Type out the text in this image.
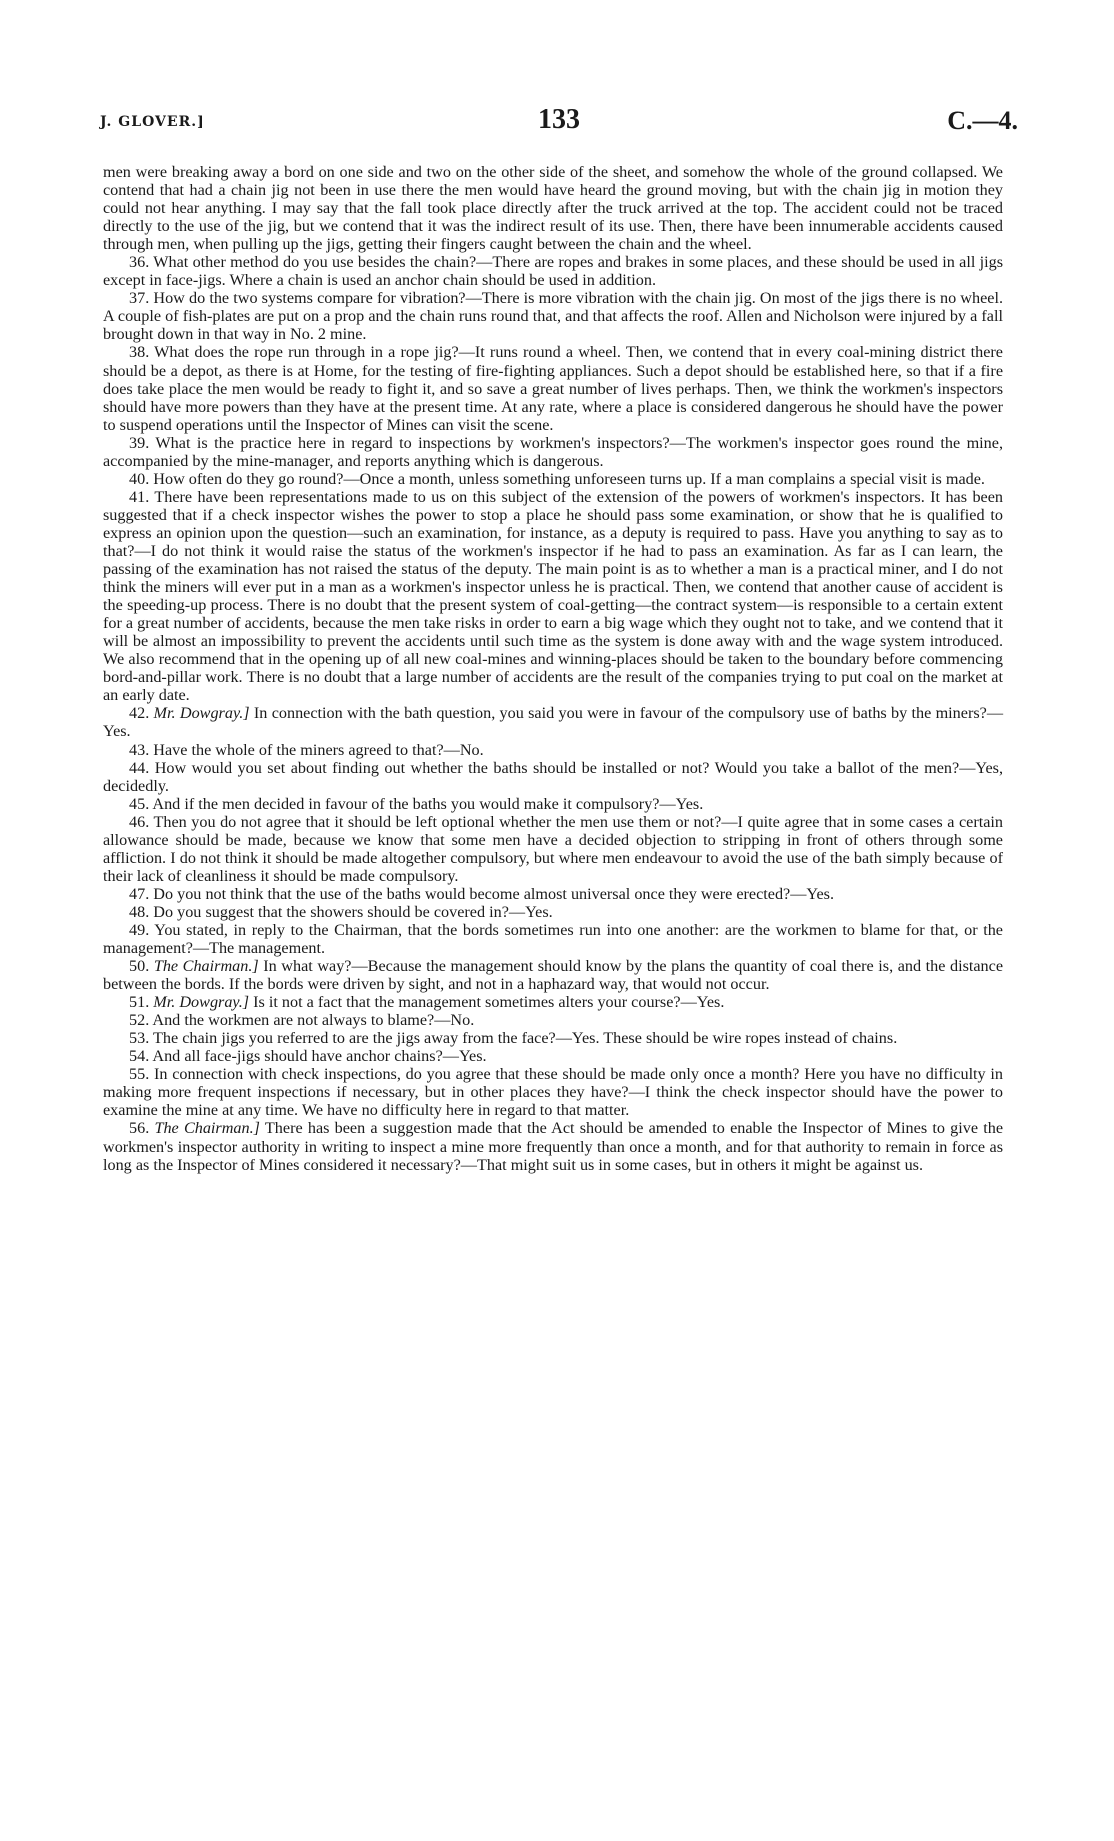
J. GLOVER.]	133	C.—4.

men were breaking away a bord on one side and two on the other side of the sheet, and somehow the whole of the ground collapsed. We contend that had a chain jig not been in use there the men would have heard the ground moving, but with the chain jig in motion they could not hear anything. I may say that the fall took place directly after the truck arrived at the top. The accident could not be traced directly to the use of the jig, but we contend that it was the indirect result of its use. Then, there have been innumerable accidents caused through men, when pulling up the jigs, getting their fingers caught between the chain and the wheel.

36. What other method do you use besides the chain?—There are ropes and brakes in some places, and these should be used in all jigs except in face-jigs. Where a chain is used an anchor chain should be used in addition.

37. How do the two systems compare for vibration?—There is more vibration with the chain jig. On most of the jigs there is no wheel. A couple of fish-plates are put on a prop and the chain runs round that, and that affects the roof. Allen and Nicholson were injured by a fall brought down in that way in No. 2 mine.

38. What does the rope run through in a rope jig?—It runs round a wheel. Then, we contend that in every coal-mining district there should be a depot, as there is at Home, for the testing of fire-fighting appliances. Such a depot should be established here, so that if a fire does take place the men would be ready to fight it, and so save a great number of lives perhaps. Then, we think the workmen's inspectors should have more powers than they have at the present time. At any rate, where a place is considered dangerous he should have the power to suspend operations until the Inspector of Mines can visit the scene.

39. What is the practice here in regard to inspections by workmen's inspectors?—The workmen's inspector goes round the mine, accompanied by the mine-manager, and reports anything which is dangerous.

40. How often do they go round?—Once a month, unless something unforeseen turns up. If a man complains a special visit is made.

41. There have been representations made to us on this subject of the extension of the powers of workmen's inspectors. It has been suggested that if a check inspector wishes the power to stop a place he should pass some examination, or show that he is qualified to express an opinion upon the question—such an examination, for instance, as a deputy is required to pass. Have you anything to say as to that?—I do not think it would raise the status of the workmen's inspector if he had to pass an examination. As far as I can learn, the passing of the examination has not raised the status of the deputy. The main point is as to whether a man is a practical miner, and I do not think the miners will ever put in a man as a workmen's inspector unless he is practical. Then, we contend that another cause of accident is the speeding-up process. There is no doubt that the present system of coal-getting—the contract system—is responsible to a certain extent for a great number of accidents, because the men take risks in order to earn a big wage which they ought not to take, and we contend that it will be almost an impossibility to prevent the accidents until such time as the system is done away with and the wage system introduced. We also recommend that in the opening up of all new coal-mines and winning-places should be taken to the boundary before commencing bord-and-pillar work. There is no doubt that a large number of accidents are the result of the companies trying to put coal on the market at an early date.

42. Mr. Dowgray.] In connection with the bath question, you said you were in favour of the compulsory use of baths by the miners?—Yes.

43. Have the whole of the miners agreed to that?—No.

44. How would you set about finding out whether the baths should be installed or not? Would you take a ballot of the men?—Yes, decidedly.

45. And if the men decided in favour of the baths you would make it compulsory?—Yes.

46. Then you do not agree that it should be left optional whether the men use them or not?—I quite agree that in some cases a certain allowance should be made, because we know that some men have a decided objection to stripping in front of others through some affliction. I do not think it should be made altogether compulsory, but where men endeavour to avoid the use of the bath simply because of their lack of cleanliness it should be made compulsory.

47. Do you not think that the use of the baths would become almost universal once they were erected?—Yes.

48. Do you suggest that the showers should be covered in?—Yes.

49. You stated, in reply to the Chairman, that the bords sometimes run into one another: are the workmen to blame for that, or the management?—The management.

50. The Chairman.] In what way?—Because the management should know by the plans the quantity of coal there is, and the distance between the bords. If the bords were driven by sight, and not in a haphazard way, that would not occur.

51. Mr. Dowgray.] Is it not a fact that the management sometimes alters your course?—Yes.

52. And the workmen are not always to blame?—No.

53. The chain jigs you referred to are the jigs away from the face?—Yes. These should be wire ropes instead of chains.

54. And all face-jigs should have anchor chains?—Yes.

55. In connection with check inspections, do you agree that these should be made only once a month? Here you have no difficulty in making more frequent inspections if necessary, but in other places they have?—I think the check inspector should have the power to examine the mine at any time. We have no difficulty here in regard to that matter.

56. The Chairman.] There has been a suggestion made that the Act should be amended to enable the Inspector of Mines to give the workmen's inspector authority in writing to inspect a mine more frequently than once a month, and for that authority to remain in force as long as the Inspector of Mines considered it necessary?—That might suit us in some cases, but in others it might be against us.
